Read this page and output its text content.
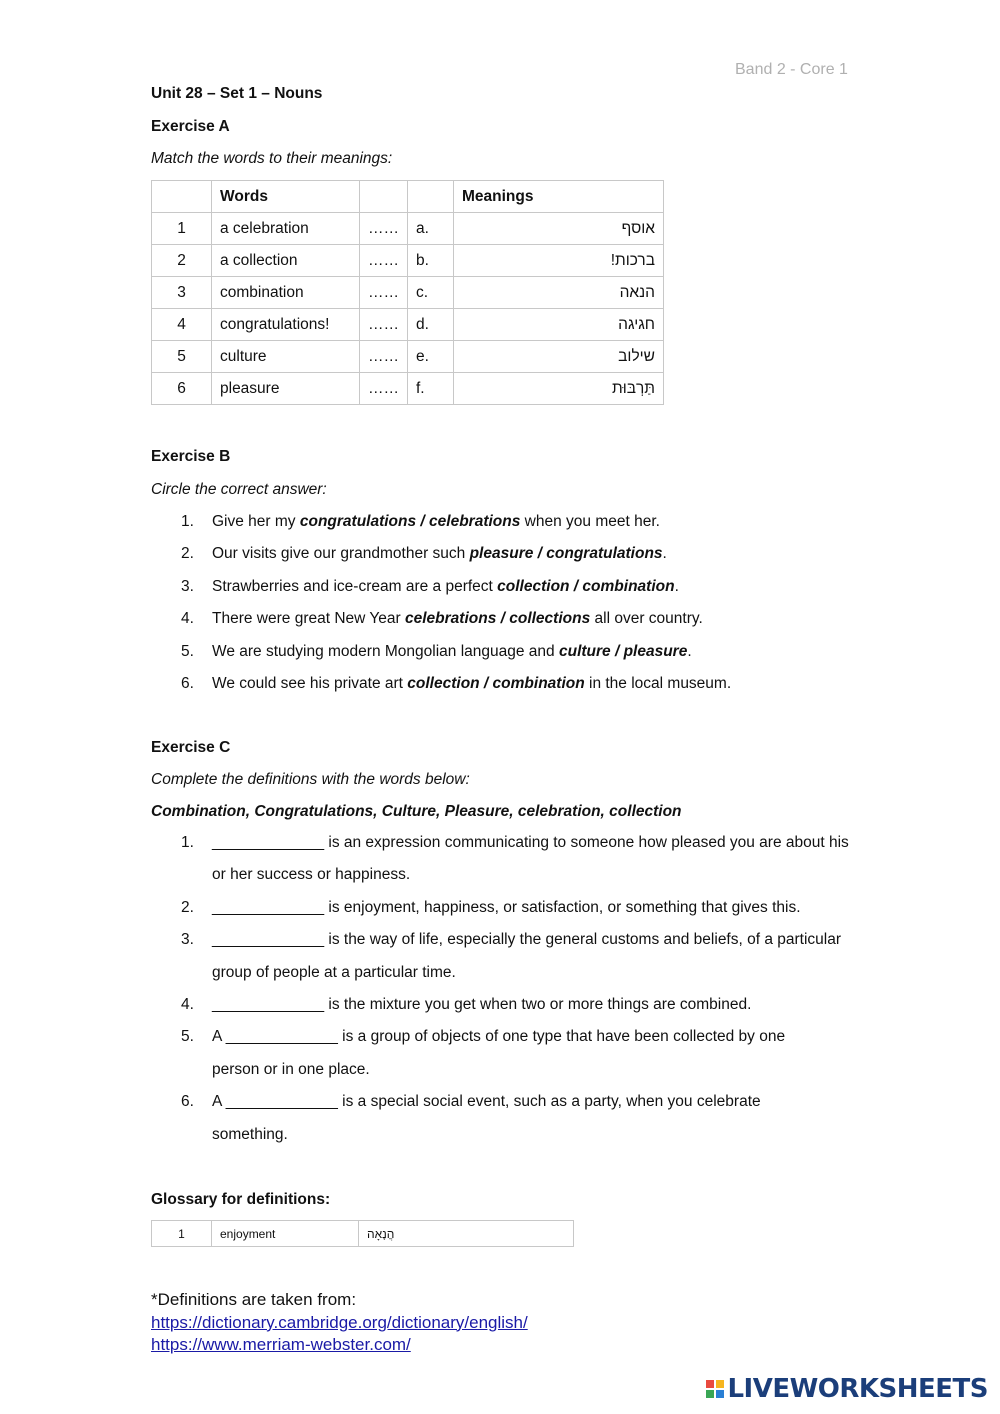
Band 2 - Core 1
Unit 28 – Set 1 – Nouns
Exercise A
Match the words to their meanings:
	Words			Meanings
1	a celebration	……	a.	אוסף
2	a collection	……	b.	ברכות!
3	combination	……	c.	הנאה
4	congratulations!	……	d.	חגיגה
5	culture	……	e.	שילוב
6	pleasure	……	f.	תַּרְבּוּת
Exercise B
Circle the correct answer:
1. Give her my congratulations / celebrations when you meet her.
2. Our visits give our grandmother such pleasure / congratulations.
3. Strawberries and ice-cream are a perfect collection / combination.
4. There were great New Year celebrations / collections all over country.
5. We are studying modern Mongolian language and culture / pleasure.
6. We could see his private art collection / combination in the local museum.
Exercise C
Complete the definitions with the words below:
Combination, Congratulations, Culture, Pleasure, celebration, collection
1. _____________ is an expression communicating to someone how pleased you are about his or her success or happiness.
2. _____________ is enjoyment, happiness, or satisfaction, or something that gives this.
3. _____________ is the way of life, especially the general customs and beliefs, of a particular group of people at a particular time.
4. _____________ is the mixture you get when two or more things are combined.
5. A _____________ is a group of objects of one type that have been collected by one person or in one place.
6. A _____________ is a special social event, such as a party, when you celebrate something.
Glossary for definitions:
1	enjoyment	הֲנָאָה
*Definitions are taken from:
https://dictionary.cambridge.org/dictionary/english/
https://www.merriam-webster.com/
LIVEWORKSHEETS
